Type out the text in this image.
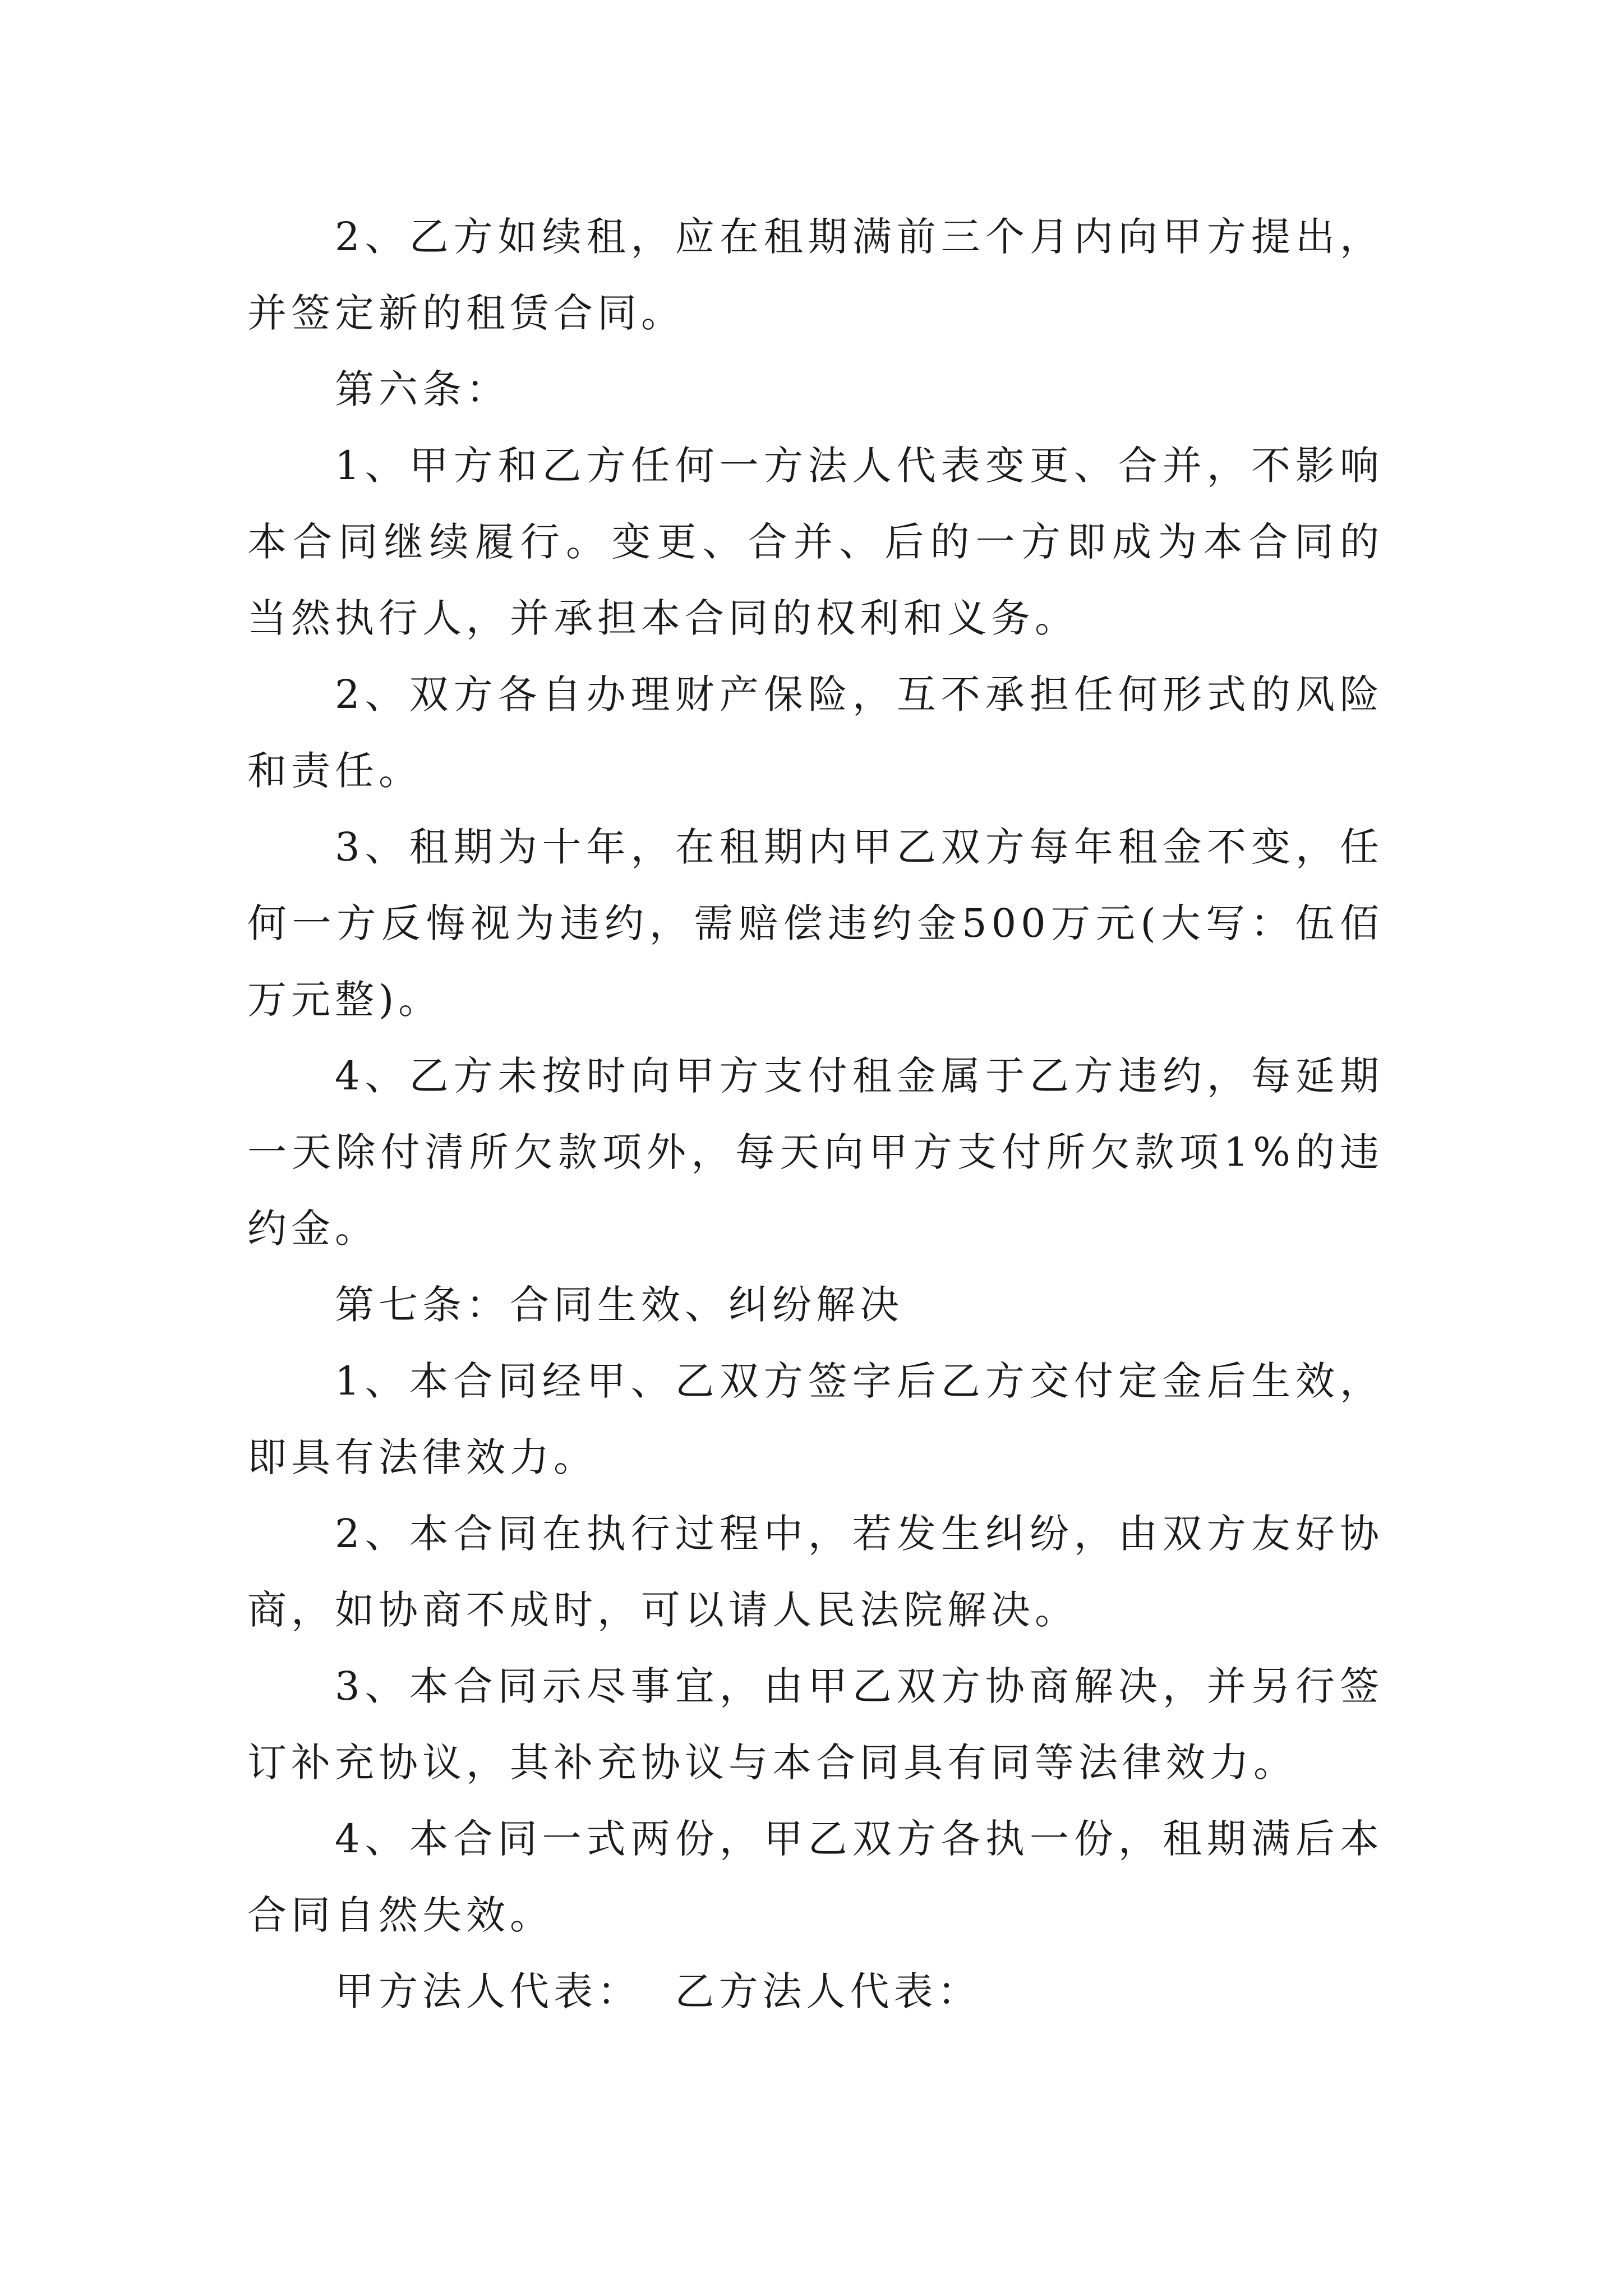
2、乙方如续租，应在租期满前三个月内向甲方提出，并签定新的租赁合同。

第六条：

1、甲方和乙方任何一方法人代表变更、合并，不影响本合同继续履行。变更、合并、后的一方即成为本合同的当然执行人，并承担本合同的权利和义务。

2、双方各自办理财产保险，互不承担任何形式的风险和责任。

3、租期为十年，在租期内甲乙双方每年租金不变，任何一方反悔视为违约，需赔偿违约金500万元(大写：伍佰万元整)。

4、乙方未按时向甲方支付租金属于乙方违约，每延期一天除付清所欠款项外，每天向甲方支付所欠款项1%的违约金。

第七条：合同生效、纠纷解决

1、本合同经甲、乙双方签字后乙方交付定金后生效，即具有法律效力。

2、本合同在执行过程中，若发生纠纷，由双方友好协商，如协商不成时，可以请人民法院解决。

3、本合同示尽事宜，由甲乙双方协商解决，并另行签订补充协议，其补充协议与本合同具有同等法律效力。

4、本合同一式两份，甲乙双方各执一份，租期满后本合同自然失效。

甲方法人代表：  乙方法人代表：
